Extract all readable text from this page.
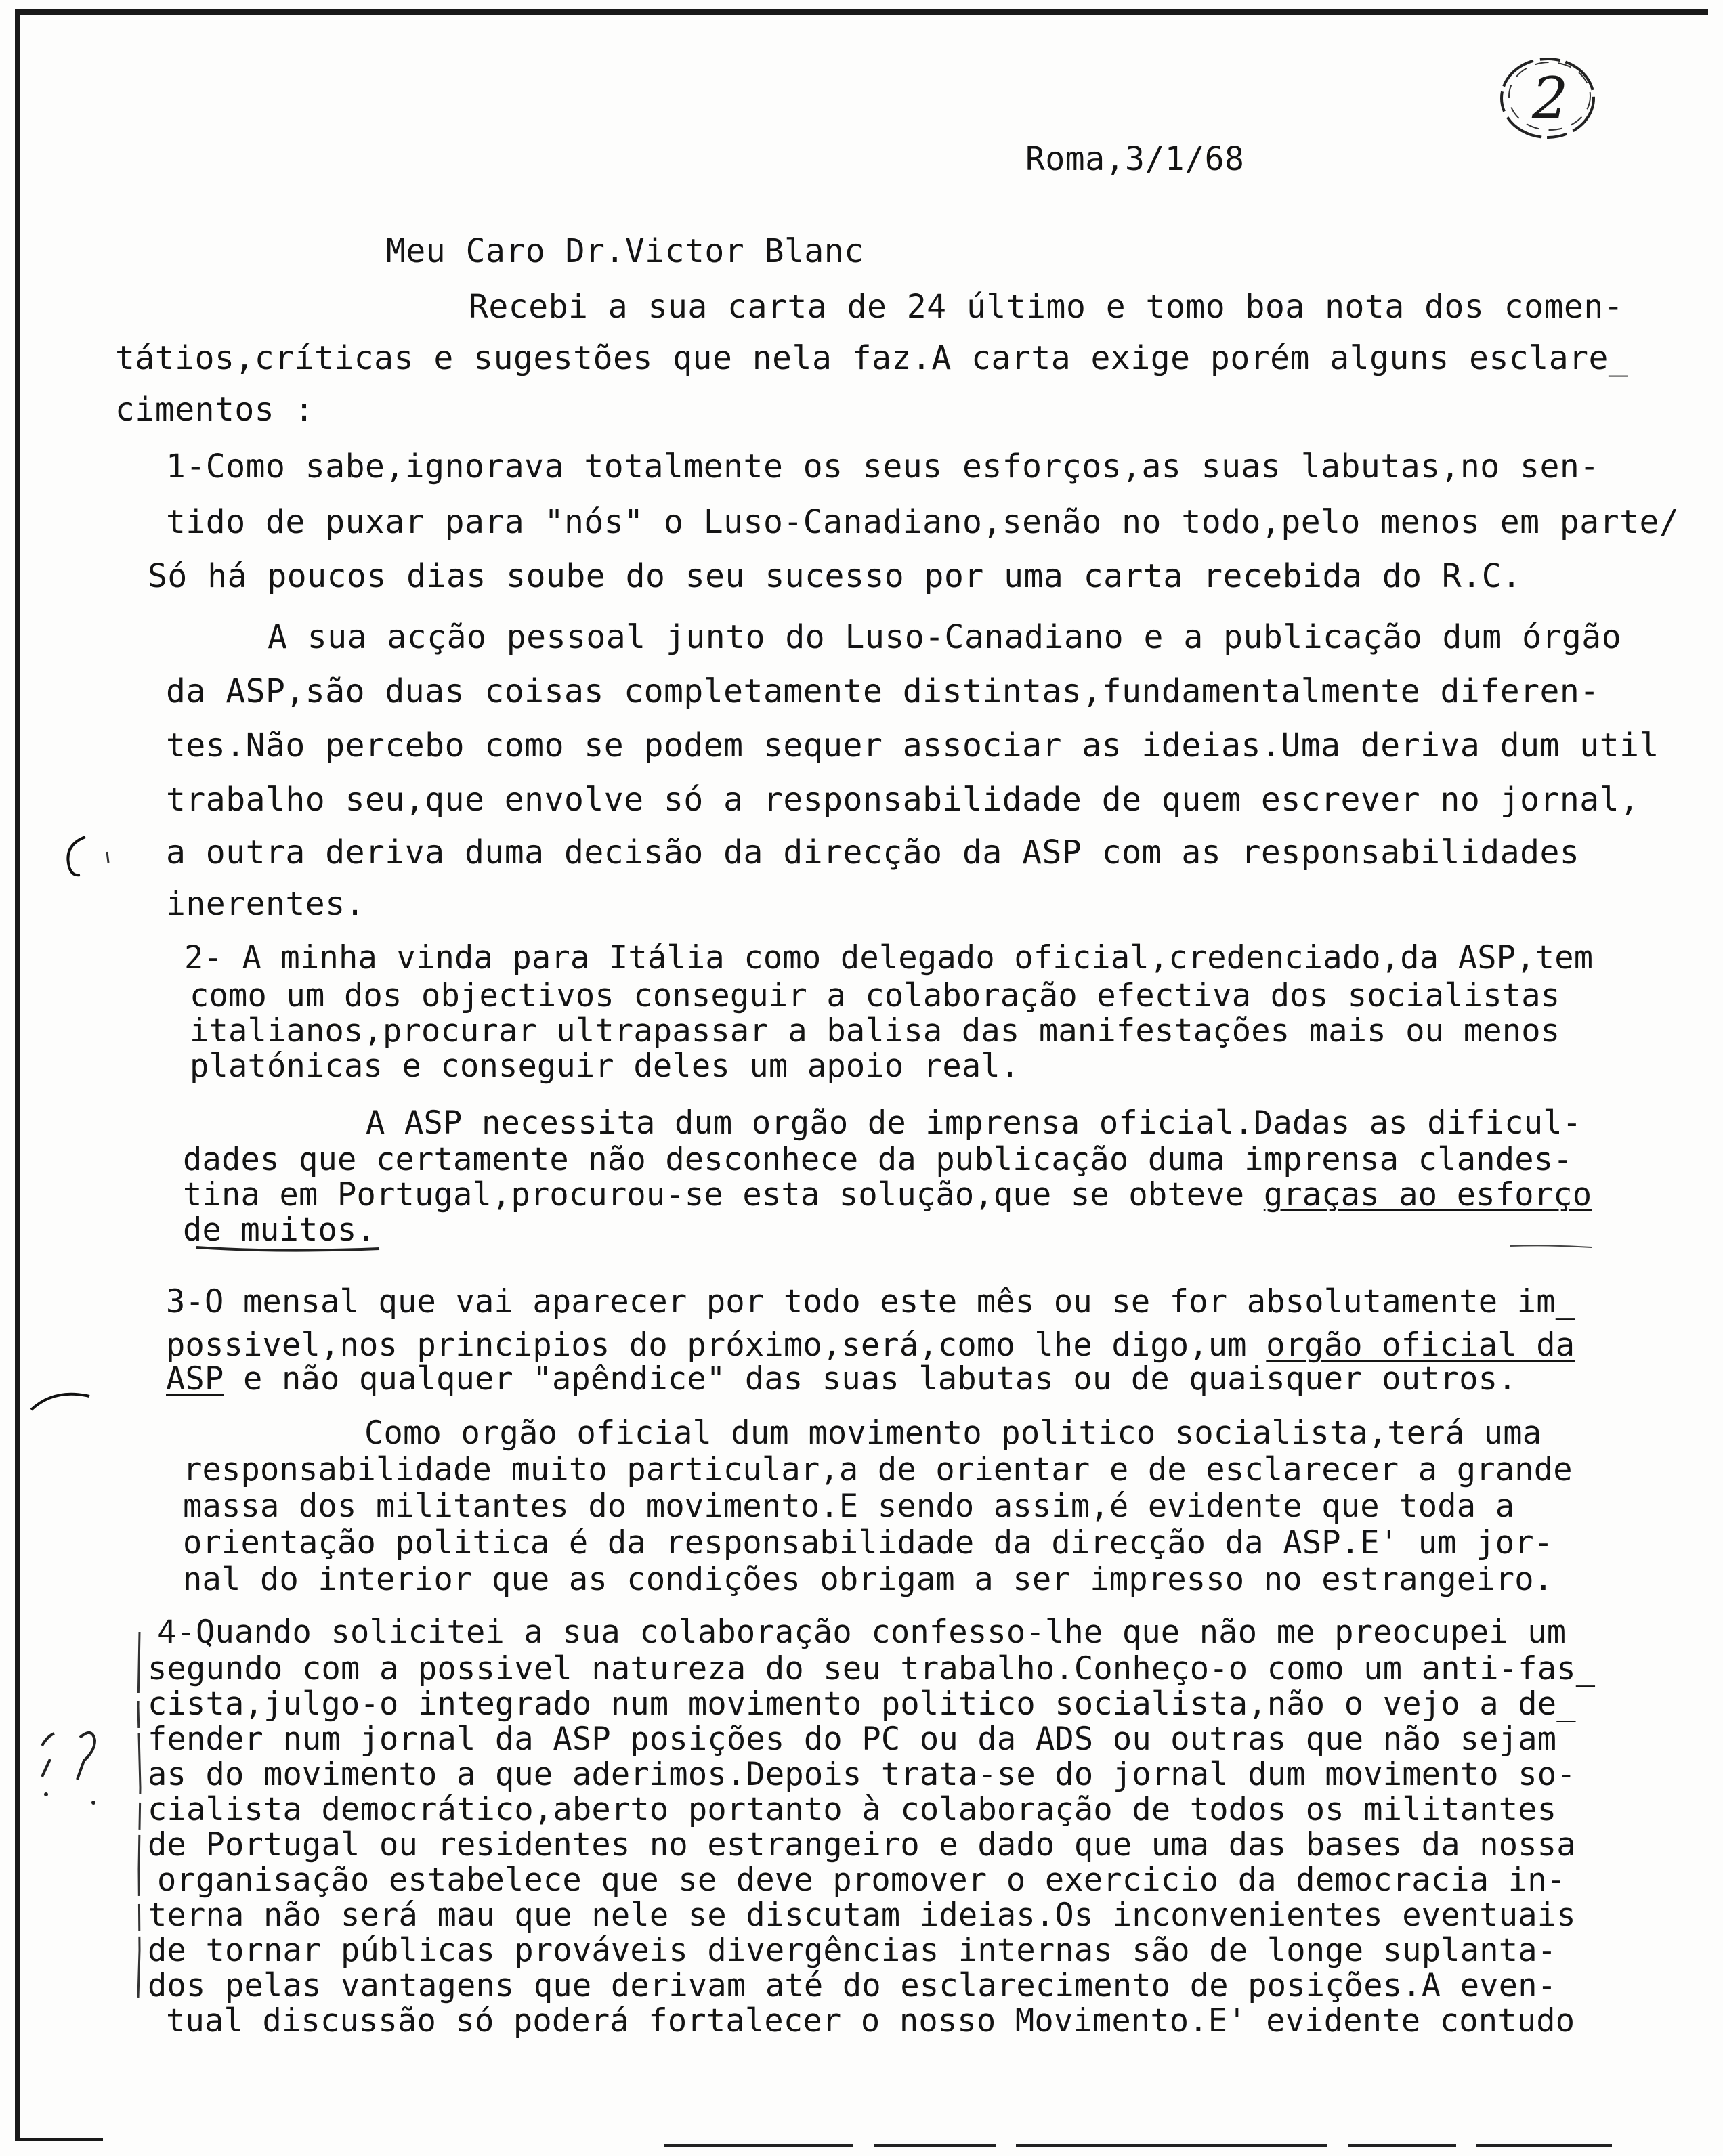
2
Roma,3/1/68
Meu Caro Dr.Victor Blanc
Recebi a sua carta de 24 último e tomo boa nota dos comen-
tátios,críticas e sugestões que nela faz.A carta exige porém alguns esclare_
cimentos :
1-Como sabe,ignorava totalmente os seus esforços,as suas labutas,no sen-
tido de puxar para "nós" o Luso-Canadiano,senão no todo,pelo menos em parte/
Só há poucos dias soube do seu sucesso por uma carta recebida do R.C.
A sua acção pessoal junto do Luso-Canadiano e a publicação dum órgão
da ASP,são duas coisas completamente distintas,fundamentalmente diferen-
tes.Não percebo como se podem sequer associar as ideias.Uma deriva dum util
trabalho seu,que envolve só a responsabilidade de quem escrever no jornal,
a outra deriva duma decisão da direcção da ASP com as responsabilidades
inerentes.
2- A minha vinda para Itália como delegado oficial,credenciado,da ASP,tem
como um dos objectivos conseguir a colaboração efectiva dos socialistas
italianos,procurar ultrapassar a balisa das manifestações mais ou menos
platónicas e conseguir deles um apoio real.
A ASP necessita dum orgão de imprensa oficial.Dadas as dificul-
dades que certamente não desconhece da publicação duma imprensa clandes-
tina em Portugal,procurou-se esta solução,que se obteve graças ao esforço
de muitos.
3-O mensal que vai aparecer por todo este mês ou se for absolutamente im_
possivel,nos principios do próximo,será,como lhe digo,um orgão oficial da
ASP e não qualquer "apêndice" das suas labutas ou de quaisquer outros.
Como orgão oficial dum movimento politico socialista,terá uma
responsabilidade muito particular,a de orientar e de esclarecer a grande
massa dos militantes do movimento.E sendo assim,é evidente que toda a
orientação politica é da responsabilidade da direcção da ASP.E' um jor-
nal do interior que as condições obrigam a ser impresso no estrangeiro.
4-Quando solicitei a sua colaboração confesso-lhe que não me preocupei um
segundo com a possivel natureza do seu trabalho.Conheço-o como um anti-fas_
cista,julgo-o integrado num movimento politico socialista,não o vejo a de_
fender num jornal da ASP posições do PC ou da ADS ou outras que não sejam
as do movimento a que aderimos.Depois trata-se do jornal dum movimento so-
cialista democrático,aberto portanto à colaboração de todos os militantes
de Portugal ou residentes no estrangeiro e dado que uma das bases da nossa
organisação estabelece que se deve promover o exercicio da democracia in-
terna não será mau que nele se discutam ideias.Os inconvenientes eventuais
de tornar públicas prováveis divergências internas são de longe suplanta-
dos pelas vantagens que derivam até do esclarecimento de posições.A even-
tual discussão só poderá fortalecer o nosso Movimento.E' evidente contudo
